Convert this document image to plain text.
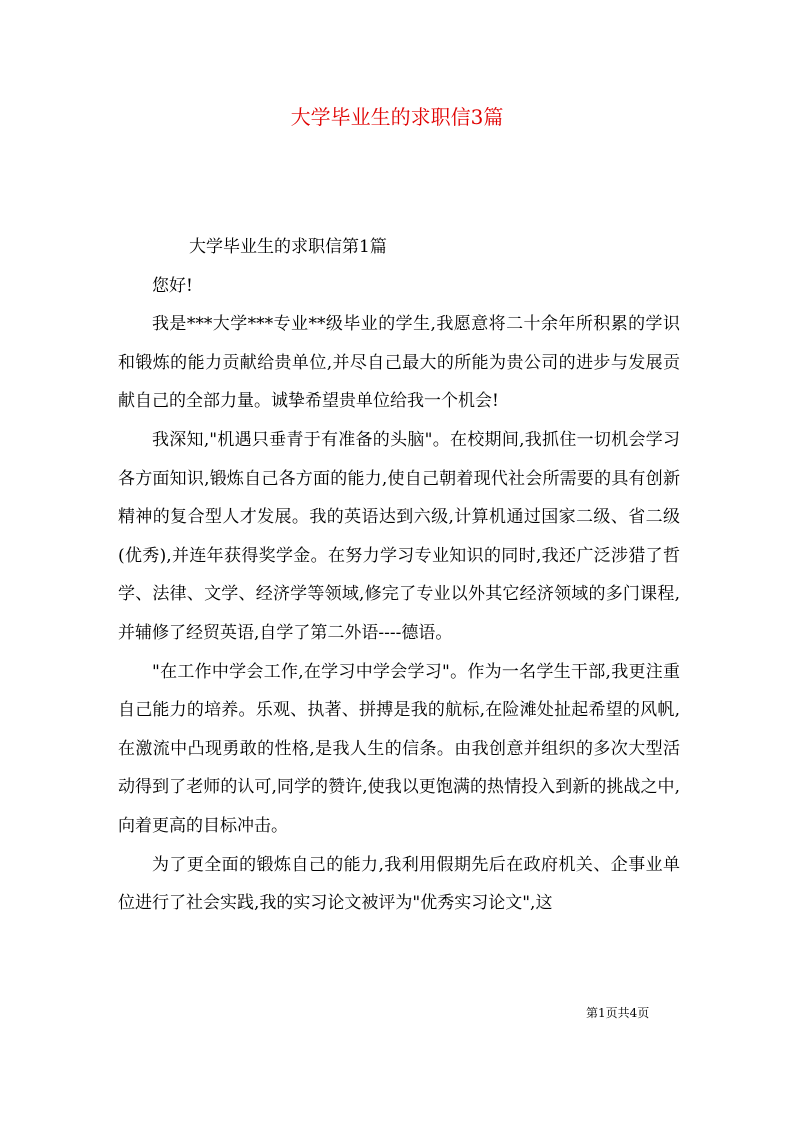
大学毕业生的求职信3篇

大学毕业生的求职信第1篇

您好!

我是***大学***专业**级毕业的学生,我愿意将二十余年所积累的学识和锻炼的能力贡献给贵单位,并尽自己最大的所能为贵公司的进步与发展贡献自己的全部力量。诚挚希望贵单位给我一个机会!

我深知,"机遇只垂青于有准备的头脑"。在校期间,我抓住一切机会学习各方面知识,锻炼自己各方面的能力,使自己朝着现代社会所需要的具有创新精神的复合型人才发展。我的英语达到六级,计算机通过国家二级、省二级(优秀),并连年获得奖学金。在努力学习专业知识的同时,我还广泛涉猎了哲学、法律、文学、经济学等领域,修完了专业以外其它经济领域的多门课程,并辅修了经贸英语,自学了第二外语----德语。

"在工作中学会工作,在学习中学会学习"。作为一名学生干部,我更注重自己能力的培养。乐观、执著、拼搏是我的航标,在险滩处扯起希望的风帆,在激流中凸现勇敢的性格,是我人生的信条。由我创意并组织的多次大型活动得到了老师的认可,同学的赞许,使我以更饱满的热情投入到新的挑战之中,向着更高的目标冲击。

为了更全面的锻炼自己的能力,我利用假期先后在政府机关、企事业单位进行了社会实践,我的实习论文被评为"优秀实习论文",这

第1页共4页
